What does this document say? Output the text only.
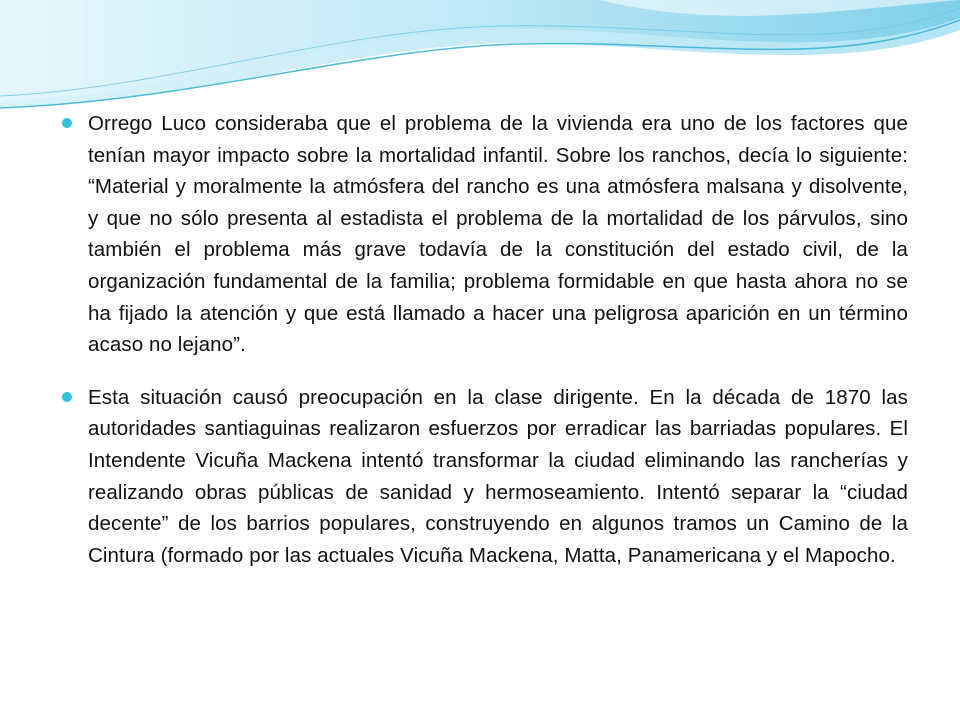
Orrego Luco consideraba que el problema de la vivienda era uno de los factores que tenían mayor impacto sobre la mortalidad infantil. Sobre los ranchos, decía lo siguiente: “Material y moralmente la atmósfera del rancho es una atmósfera malsana y disolvente, y que no sólo presenta al estadista el problema de la mortalidad de los párvulos, sino también el problema más grave todavía de la constitución del estado civil, de la organización fundamental de la familia; problema formidable en que hasta ahora no se ha fijado la atención y que está llamado a hacer una peligrosa aparición en un término acaso no lejano”.
Esta situación causó preocupación en la clase dirigente. En la década de 1870 las autoridades santiaguinas realizaron esfuerzos por erradicar las barriadas populares. El Intendente Vicuña Mackena intentó transformar la ciudad eliminando las rancherías y realizando obras públicas de sanidad y hermoseamiento. Intentó separar la “ciudad decente” de los barrios populares, construyendo en algunos tramos un Camino de la Cintura (formado por las actuales Vicuña Mackena, Matta, Panamericana y el Mapocho.
